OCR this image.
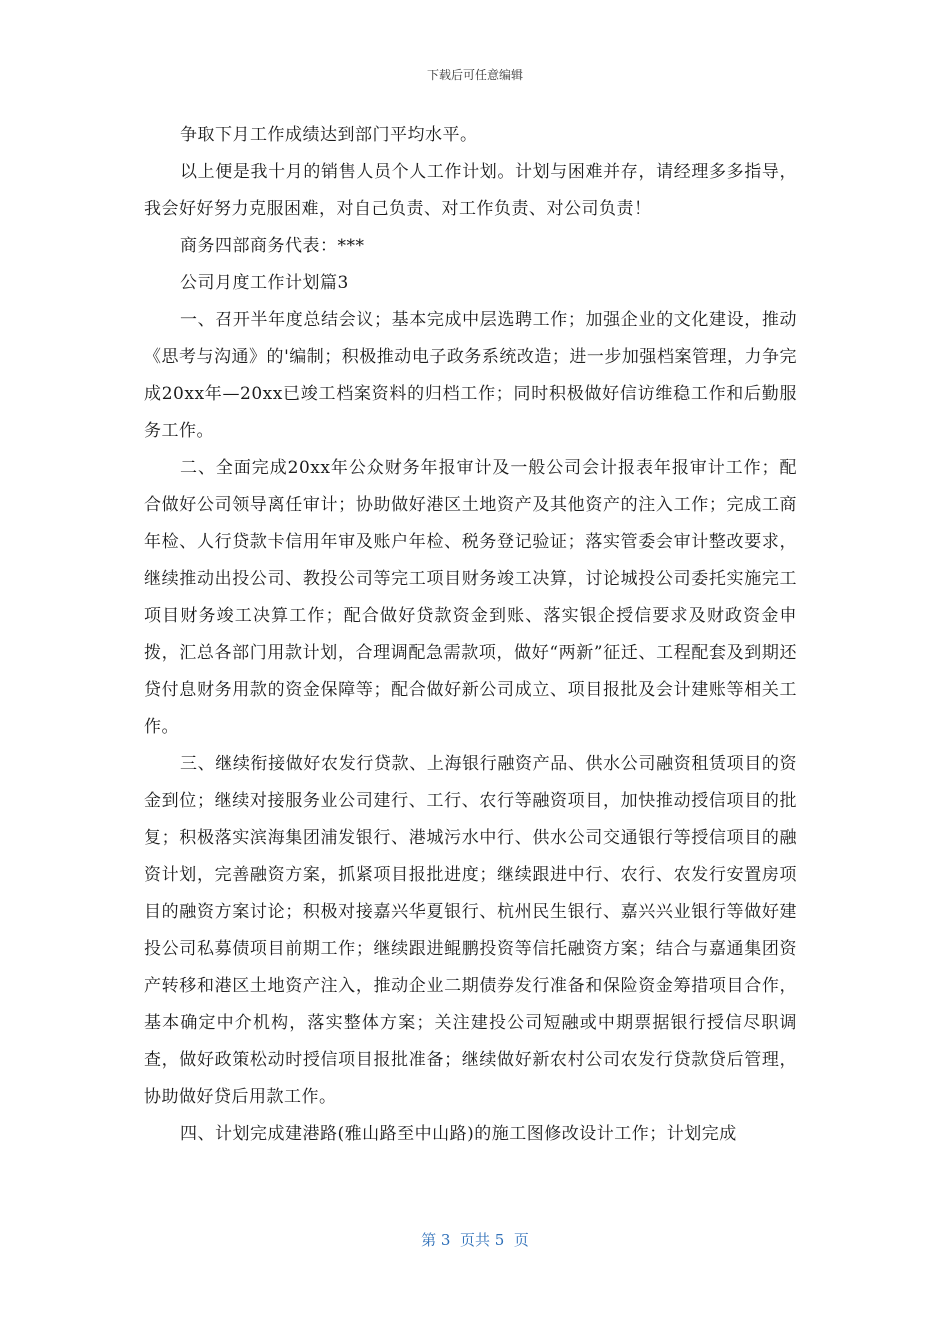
下载后可任意编辑

争取下月工作成绩达到部门平均水平。

以上便是我十月的销售人员个人工作计划。计划与困难并存，请经理多多指导，我会好好努力克服困难，对自己负责、对工作负责、对公司负责！

商务四部商务代表：***

公司月度工作计划篇3

一、召开半年度总结会议；基本完成中层选聘工作；加强企业的文化建设，推动《思考与沟通》的'编制；积极推动电子政务系统改造；进一步加强档案管理，力争完成20xx年—20xx已竣工档案资料的归档工作；同时积极做好信访维稳工作和后勤服务工作。

二、全面完成20xx年公众财务年报审计及一般公司会计报表年报审计工作；配合做好公司领导离任审计；协助做好港区土地资产及其他资产的注入工作；完成工商年检、人行贷款卡信用年审及账户年检、税务登记验证；落实管委会审计整改要求，继续推动出投公司、教投公司等完工项目财务竣工决算，讨论城投公司委托实施完工项目财务竣工决算工作；配合做好贷款资金到账、落实银企授信要求及财政资金申拨，汇总各部门用款计划，合理调配急需款项，做好“两新”征迁、工程配套及到期还贷付息财务用款的资金保障等；配合做好新公司成立、项目报批及会计建账等相关工作。

三、继续衔接做好农发行贷款、上海银行融资产品、供水公司融资租赁项目的资金到位；继续对接服务业公司建行、工行、农行等融资项目，加快推动授信项目的批复；积极落实滨海集团浦发银行、港城污水中行、供水公司交通银行等授信项目的融资计划，完善融资方案，抓紧项目报批进度；继续跟进中行、农行、农发行安置房项目的融资方案讨论；积极对接嘉兴华夏银行、杭州民生银行、嘉兴兴业银行等做好建投公司私募债项目前期工作；继续跟进鲲鹏投资等信托融资方案；结合与嘉通集团资产转移和港区土地资产注入，推动企业二期债券发行准备和保险资金筹措项目合作，基本确定中介机构，落实整体方案；关注建投公司短融或中期票据银行授信尽职调查，做好政策松动时授信项目报批准备；继续做好新农村公司农发行贷款贷后管理，协助做好贷后用款工作。

四、计划完成建港路(雅山路至中山路)的施工图修改设计工作；计划完成

第 3  页共 5  页
